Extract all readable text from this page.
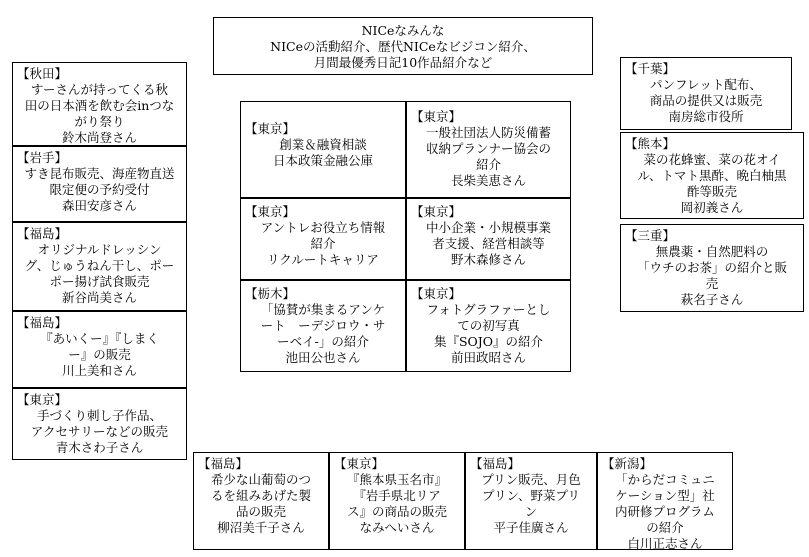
NICeなみんな
NICeの活動紹介、歴代NICeなビジコン紹介、
月間最優秀日記10作品紹介など
【秋田】
すーさんが持ってくる秋
田の日本酒を飲む会inつな
がり祭り
鈴木尚登さん
【岩手】
すき昆布販売、海産物直送
限定便の予約受付
森田安彦さん
【福島】
オリジナルドレッシン
グ、じゅうねん干し、ポー
ポー揚げ試食販売
新谷尚美さん
【福島】
『あいくー』『しまく
ー』の販売
川上美和さん
【東京】
手づくり刺し子作品、
アクセサリーなどの販売
青木さわ子さん
【東京】
創業＆融資相談
日本政策金融公庫
【東京】
一般社団法人防災備蓄
収納プランナー協会の
紹介
長柴美恵さん
【東京】
アントレお役立ち情報
紹介
リクルートキャリア
【東京】
中小企業・小規模事業
者支援、経営相談等
野木森修さん
【栃木】
「協賛が集まるアンケ
ート　ーデジロウ・サ
ーベイ-」の紹介
池田公也さん
【東京】
フォトグラファーとし
ての初写真
集『SOJO』の紹介
前田政昭さん
【千葉】
パンフレット配布、
商品の提供又は販売
南房総市役所
【熊本】
菜の花蜂蜜、菜の花オイ
ル、トマト黒酢、晩白柚黒
酢等販売
岡初義さん
【三重】
無農薬・自然肥料の
「ウチのお茶」の紹介と販
売
萩名子さん
【福島】
希少な山葡萄のつ
るを組みあげた製
品の販売
柳沼美千子さん
【東京】
『熊本県玉名市』
『岩手県北リア
ス』の商品の販売
なみへいさん
【福島】
プリン販売、月色
プリン、野菜プリ
ン
平子佳廣さん
【新潟】
「からだコミュニ
ケーション型」社
内研修プログラム
の紹介
白川正志さん
